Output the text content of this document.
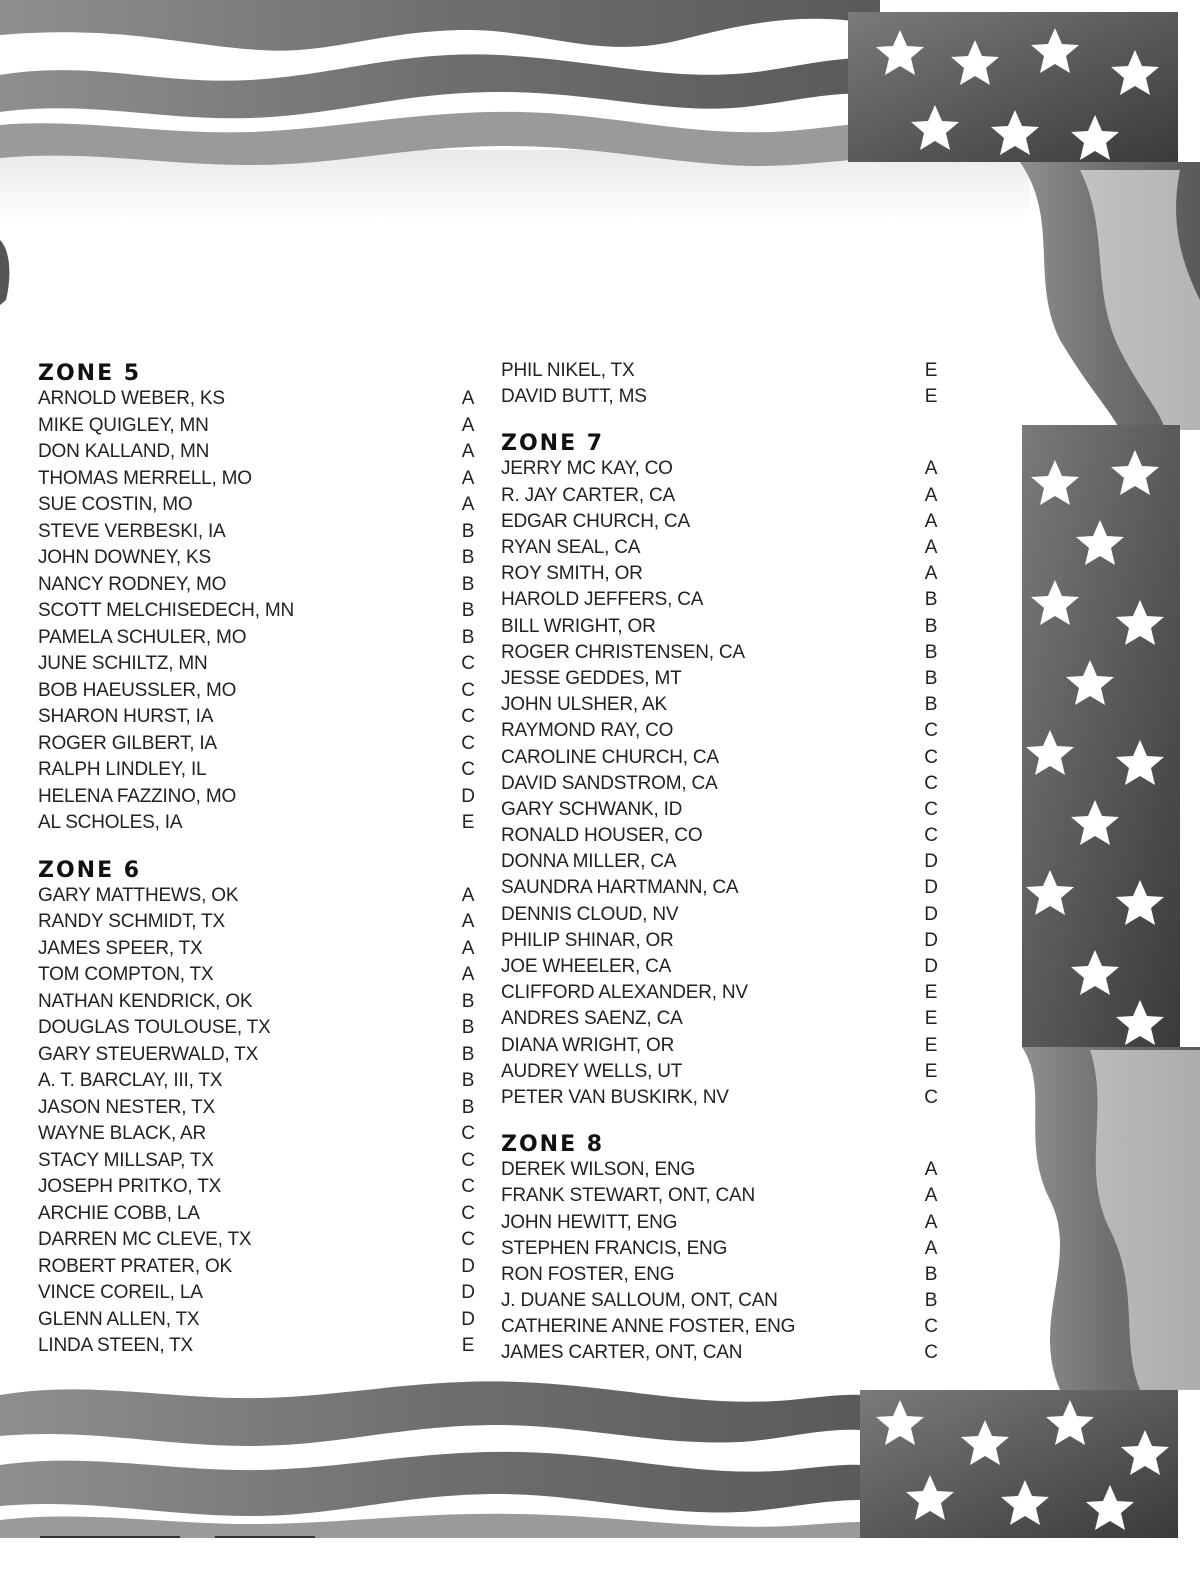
ZONE 5
ARNOLD WEBER, KS	A
MIKE QUIGLEY, MN	A
DON KALLAND, MN	A
THOMAS MERRELL, MO	A
SUE COSTIN, MO	A
STEVE VERBESKI, IA	B
JOHN DOWNEY, KS	B
NANCY RODNEY, MO	B
SCOTT MELCHISEDECH, MN	B
PAMELA SCHULER, MO	B
JUNE SCHILTZ, MN	C
BOB HAEUSSLER, MO	C
SHARON HURST, IA	C
ROGER GILBERT, IA	C
RALPH LINDLEY, IL	C
HELENA FAZZINO, MO	D
AL SCHOLES, IA	E
ZONE 6
GARY MATTHEWS, OK	A
RANDY SCHMIDT, TX	A
JAMES SPEER, TX	A
TOM COMPTON, TX	A
NATHAN KENDRICK, OK	B
DOUGLAS TOULOUSE, TX	B
GARY STEUERWALD, TX	B
A. T. BARCLAY, III, TX	B
JASON NESTER, TX	B
WAYNE BLACK, AR	C
STACY MILLSAP, TX	C
JOSEPH PRITKO, TX	C
ARCHIE COBB, LA	C
DARREN MC CLEVE, TX	C
ROBERT PRATER, OK	D
VINCE COREIL, LA	D
GLENN ALLEN, TX	D
LINDA STEEN, TX	E
PHIL NIKEL, TX	E
DAVID BUTT, MS	E
ZONE 7
JERRY MC KAY, CO	A
R. JAY CARTER, CA	A
EDGAR CHURCH, CA	A
RYAN SEAL, CA	A
ROY SMITH, OR	A
HAROLD JEFFERS, CA	B
BILL WRIGHT, OR	B
ROGER CHRISTENSEN, CA	B
JESSE GEDDES, MT	B
JOHN ULSHER, AK	B
RAYMOND RAY, CO	C
CAROLINE CHURCH, CA	C
DAVID SANDSTROM, CA	C
GARY SCHWANK, ID	C
RONALD HOUSER, CO	C
DONNA MILLER, CA	D
SAUNDRA HARTMANN, CA	D
DENNIS CLOUD, NV	D
PHILIP SHINAR, OR	D
JOE WHEELER, CA	D
CLIFFORD ALEXANDER, NV	E
ANDRES SAENZ, CA	E
DIANA WRIGHT, OR	E
AUDREY WELLS, UT	E
PETER VAN BUSKIRK, NV	C
ZONE 8
DEREK WILSON, ENG	A
FRANK STEWART, ONT, CAN	A
JOHN HEWITT, ENG	A
STEPHEN FRANCIS, ENG	A
RON FOSTER, ENG	B
J. DUANE SALLOUM, ONT, CAN	B
CATHERINE ANNE FOSTER, ENG	C
JAMES CARTER, ONT, CAN	C
